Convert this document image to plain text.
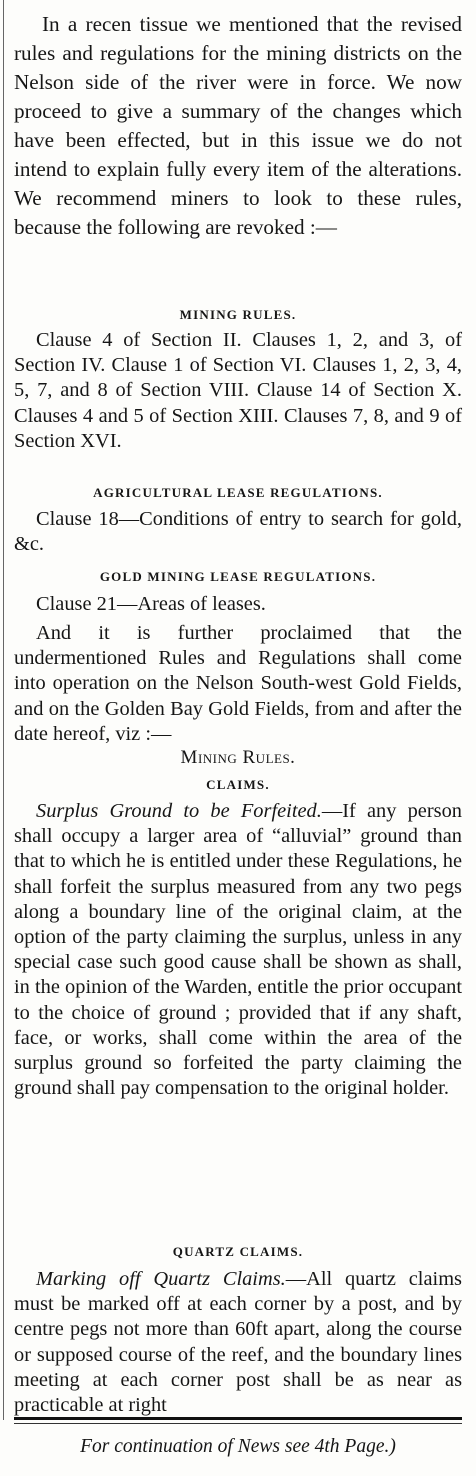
In a recen tissue we mentioned that the revised rules and regulations for the mining districts on the Nelson side of the river were in force. We now proceed to give a summary of the changes which have been effected, but in this issue we do not intend to explain fully every item of the alterations. We recommend miners to look to these rules, because the following are revoked :—

MINING RULES.

Clause 4 of Section II. Clauses 1, 2, and 3, of Section IV. Clause 1 of Section VI. Clauses 1, 2, 3, 4, 5, 7, and 8 of Section VIII. Clause 14 of Section X. Clauses 4 and 5 of Section XIII. Clauses 7, 8, and 9 of Section XVI.

AGRICULTURAL LEASE REGULATIONS.

Clause 18—Conditions of entry to search for gold, &c.

GOLD MINING LEASE REGULATIONS.

Clause 21—Areas of leases.

And it is further proclaimed that the undermentioned Rules and Regulations shall come into operation on the Nelson South-west Gold Fields, and on the Golden Bay Gold Fields, from and after the date hereof, viz :—

Mining Rules.

CLAIMS.

Surplus Ground to be Forfeited.—If any person shall occupy a larger area of “alluvial” ground than that to which he is entitled under these Regulations, he shall forfeit the surplus measured from any two pegs along a boundary line of the original claim, at the option of the party claiming the surplus, unless in any special case such good cause shall be shown as shall, in the opinion of the Warden, entitle the prior occupant to the choice of ground ; provided that if any shaft, face, or works, shall come within the area of the surplus ground so forfeited the party claiming the ground shall pay compensation to the original holder.

QUARTZ CLAIMS.

Marking off Quartz Claims.—All quartz claims must be marked off at each corner by a post, and by centre pegs not more than 60ft apart, along the course or supposed course of the reef, and the boundary lines meeting at each corner post shall be as near as practicable at right

For continuation of News see 4th Page.)
